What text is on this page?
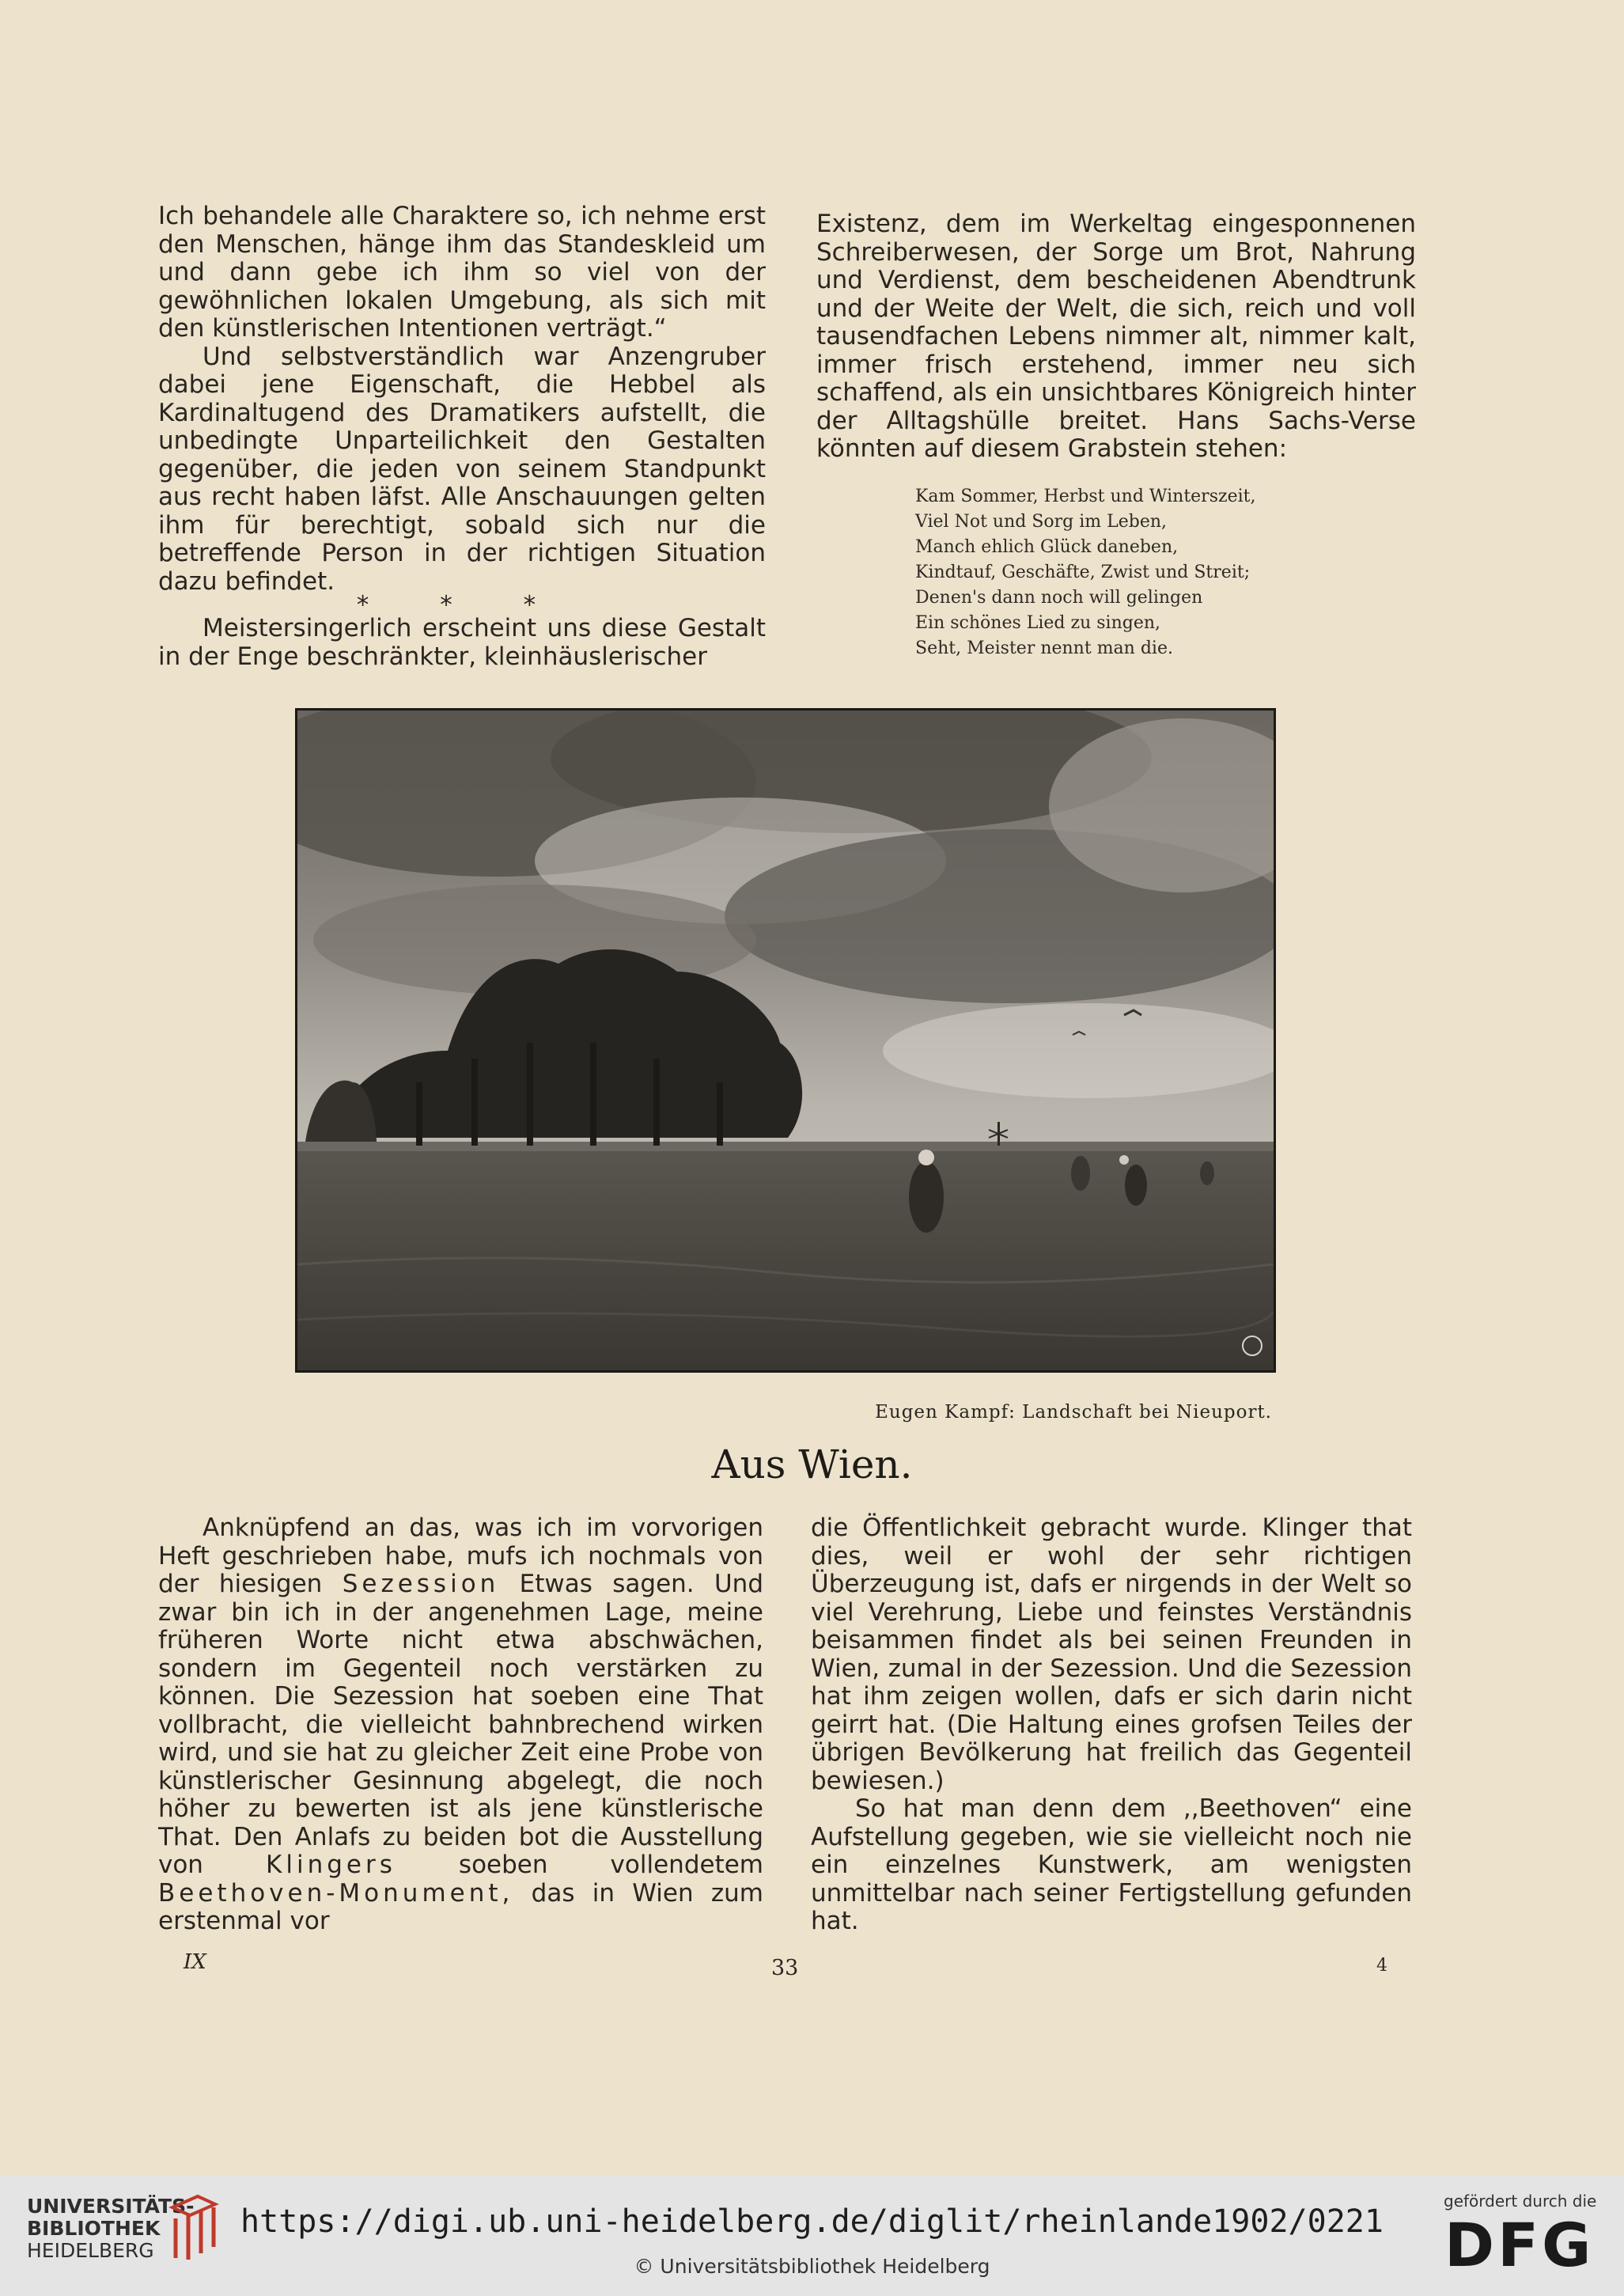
Ich behandele alle Charaktere so, ich nehme erst den Menschen, hänge ihm das Standeskleid um und dann gebe ich ihm so viel von der gewöhnlichen lokalen Umgebung, als sich mit den künstlerischen Intentionen verträgt.“

Und selbstverständlich war Anzengruber dabei jene Eigenschaft, die Hebbel als Kardinaltugend des Dramatikers aufstellt, die unbedingte Unparteilichkeit den Gestalten gegenüber, die jeden von seinem Standpunkt aus recht haben läfst. Alle Anschauungen gelten ihm für berechtigt, sobald sich nur die betreffende Person in der richtigen Situation dazu befindet.

* * *

Meistersingerlich erscheint uns diese Gestalt in der Enge beschränkter, kleinhäuslerischer

Existenz, dem im Werkeltag eingesponnenen Schreiberwesen, der Sorge um Brot, Nahrung und Verdienst, dem bescheidenen Abendtrunk und der Weite der Welt, die sich, reich und voll tausendfachen Lebens nimmer alt, nimmer kalt, immer frisch erstehend, immer neu sich schaffend, als ein unsichtbares Königreich hinter der Alltagshülle breitet. Hans Sachs-Verse könnten auf diesem Grabstein stehen:

Kam Sommer, Herbst und Winterszeit,
Viel Not und Sorg im Leben,
Manch ehlich Glück daneben,
Kindtauf, Geschäfte, Zwist und Streit;
Denen's dann noch will gelingen
Ein schönes Lied zu singen,
Seht, Meister nennt man die.
Eugen Kampf: Landschaft bei Nieuport.
Aus Wien.

Anknüpfend an das, was ich im vorvorigen Heft geschrieben habe, mufs ich nochmals von der hiesigen Sezession Etwas sagen. Und zwar bin ich in der angenehmen Lage, meine früheren Worte nicht etwa abschwächen, sondern im Gegenteil noch verstärken zu können. Die Sezession hat soeben eine That vollbracht, die vielleicht bahnbrechend wirken wird, und sie hat zu gleicher Zeit eine Probe von künstlerischer Gesinnung abgelegt, die noch höher zu bewerten ist als jene künstlerische That. Den Anlafs zu beiden bot die Ausstellung von	Klingers	soeben vollendetem Beethoven-Monument, das in Wien zum erstenmal vor

die Öffentlichkeit gebracht wurde. Klinger that dies, weil er wohl der sehr richtigen Überzeugung ist, dafs er nirgends in der Welt so viel Verehrung, Liebe und feinstes Verständnis beisammen findet als bei seinen Freunden in Wien, zumal in der Sezession. Und die Sezession hat ihm zeigen wollen, dafs er sich darin nicht geirrt hat. (Die Haltung eines grofsen Teiles der übrigen Bevölkerung hat freilich das Gegenteil bewiesen.)

So hat man denn dem ,,Beethoven“ eine Aufstellung gegeben, wie sie vielleicht noch nie ein einzelnes Kunstwerk, am wenigsten unmittelbar nach seiner Fertigstellung gefunden hat.

IX	33	4
UNIVERSITÄTS-
BIBLIOTHEK
HEIDELBERG
https://digi.ub.uni-heidelberg.de/diglit/rheinlande1902/0221
© Universitätsbibliothek Heidelberg
gefördert durch die
DFG
